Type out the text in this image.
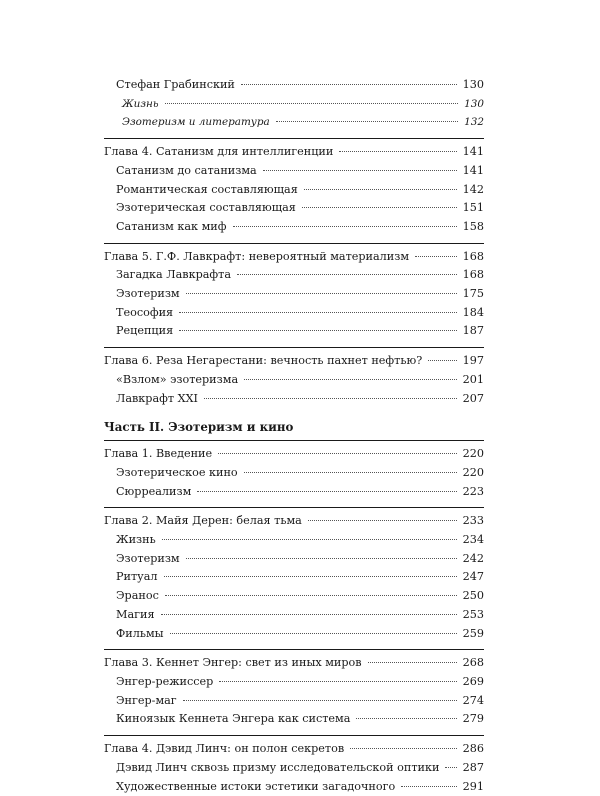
Стефан Грабинский	130
Жизнь	130
Эзотеризм и литература	132
Глава 4. Сатанизм для интеллигенции	141
Сатанизм до сатанизма	141
Романтическая составляющая	142
Эзотерическая составляющая	151
Сатанизм как миф	158
Глава 5. Г.Ф. Лавкрафт: невероятный материализм	168
Загадка Лавкрафта	168
Эзотеризм	175
Теософия	184
Рецепция	187
Глава 6. Реза Негарестани: вечность пахнет нефтью?	197
«Взлом» эзотеризма	201
Лавкрафт XXI	207
Часть II. Эзотеризм и кино
Глава 1. Введение	220
Эзотерическое кино	220
Сюрреализм	223
Глава 2. Майя Дерен: белая тьма	233
Жизнь	234
Эзотеризм	242
Ритуал	247
Эранос	250
Магия	253
Фильмы	259
Глава 3. Кеннет Энгер: свет из иных миров	268
Энгер-режиссер	269
Энгер-маг	274
Киноязык Кеннета Энгера как система	279
Глава 4. Дэвид Линч: он полон секретов	286
Дэвид Линч сквозь призму исследовательской оптики 287
Художественные истоки эстетики загадочного	291
